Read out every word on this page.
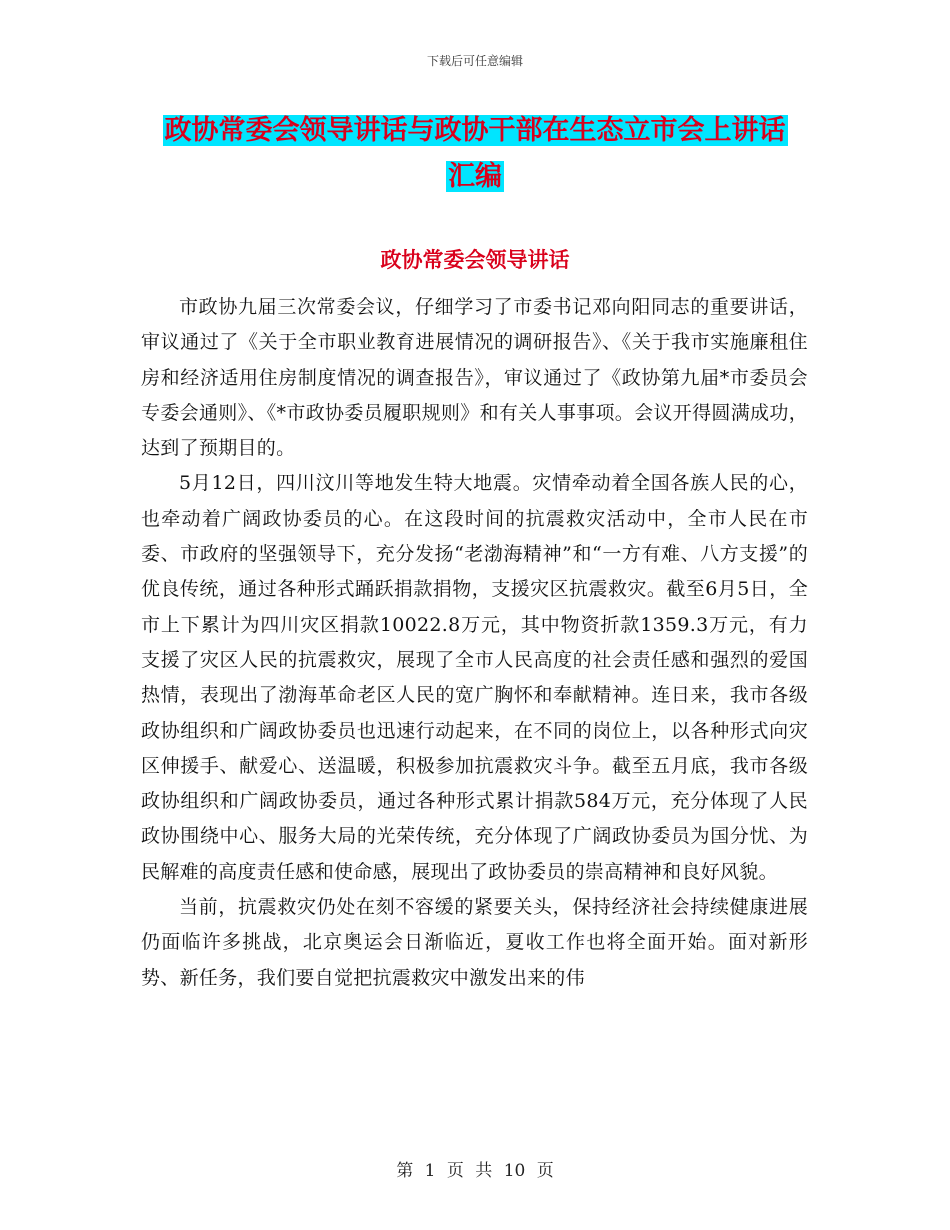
下载后可任意编辑
政协常委会领导讲话与政协干部在生态立市会上讲话
汇编
政协常委会领导讲话

市政协九届三次常委会议，仔细学习了市委书记邓向阳同志的重要讲话，审议通过了《关于全市职业教育进展情况的调研报告》、《关于我市实施廉租住房和经济适用住房制度情况的调查报告》，审议通过了《政协第九届*市委员会专委会通则》、《*市政协委员履职规则》和有关人事事项。会议开得圆满成功，达到了预期目的。

5月12日，四川汶川等地发生特大地震。灾情牵动着全国各族人民的心，也牵动着广阔政协委员的心。在这段时间的抗震救灾活动中，全市人民在市委、市政府的坚强领导下，充分发扬“老渤海精神”和“一方有难、八方支援”的优良传统，通过各种形式踊跃捐款捐物，支援灾区抗震救灾。截至6月5日，全市上下累计为四川灾区捐款10022.8万元，其中物资折款1359.3万元，有力支援了灾区人民的抗震救灾，展现了全市人民高度的社会责任感和强烈的爱国热情，表现出了渤海革命老区人民的宽广胸怀和奉献精神。连日来，我市各级政协组织和广阔政协委员也迅速行动起来，在不同的岗位上，以各种形式向灾区伸援手、献爱心、送温暖，积极参加抗震救灾斗争。截至五月底，我市各级政协组织和广阔政协委员，通过各种形式累计捐款584万元，充分体现了人民政协围绕中心、服务大局的光荣传统，充分体现了广阔政协委员为国分忧、为民解难的高度责任感和使命感，展现出了政协委员的崇高精神和良好风貌。

当前，抗震救灾仍处在刻不容缓的紧要关头，保持经济社会持续健康进展仍面临许多挑战，北京奥运会日渐临近，夏收工作也将全面开始。面对新形势、新任务，我们要自觉把抗震救灾中激发出来的伟

第 1 页 共 10 页
